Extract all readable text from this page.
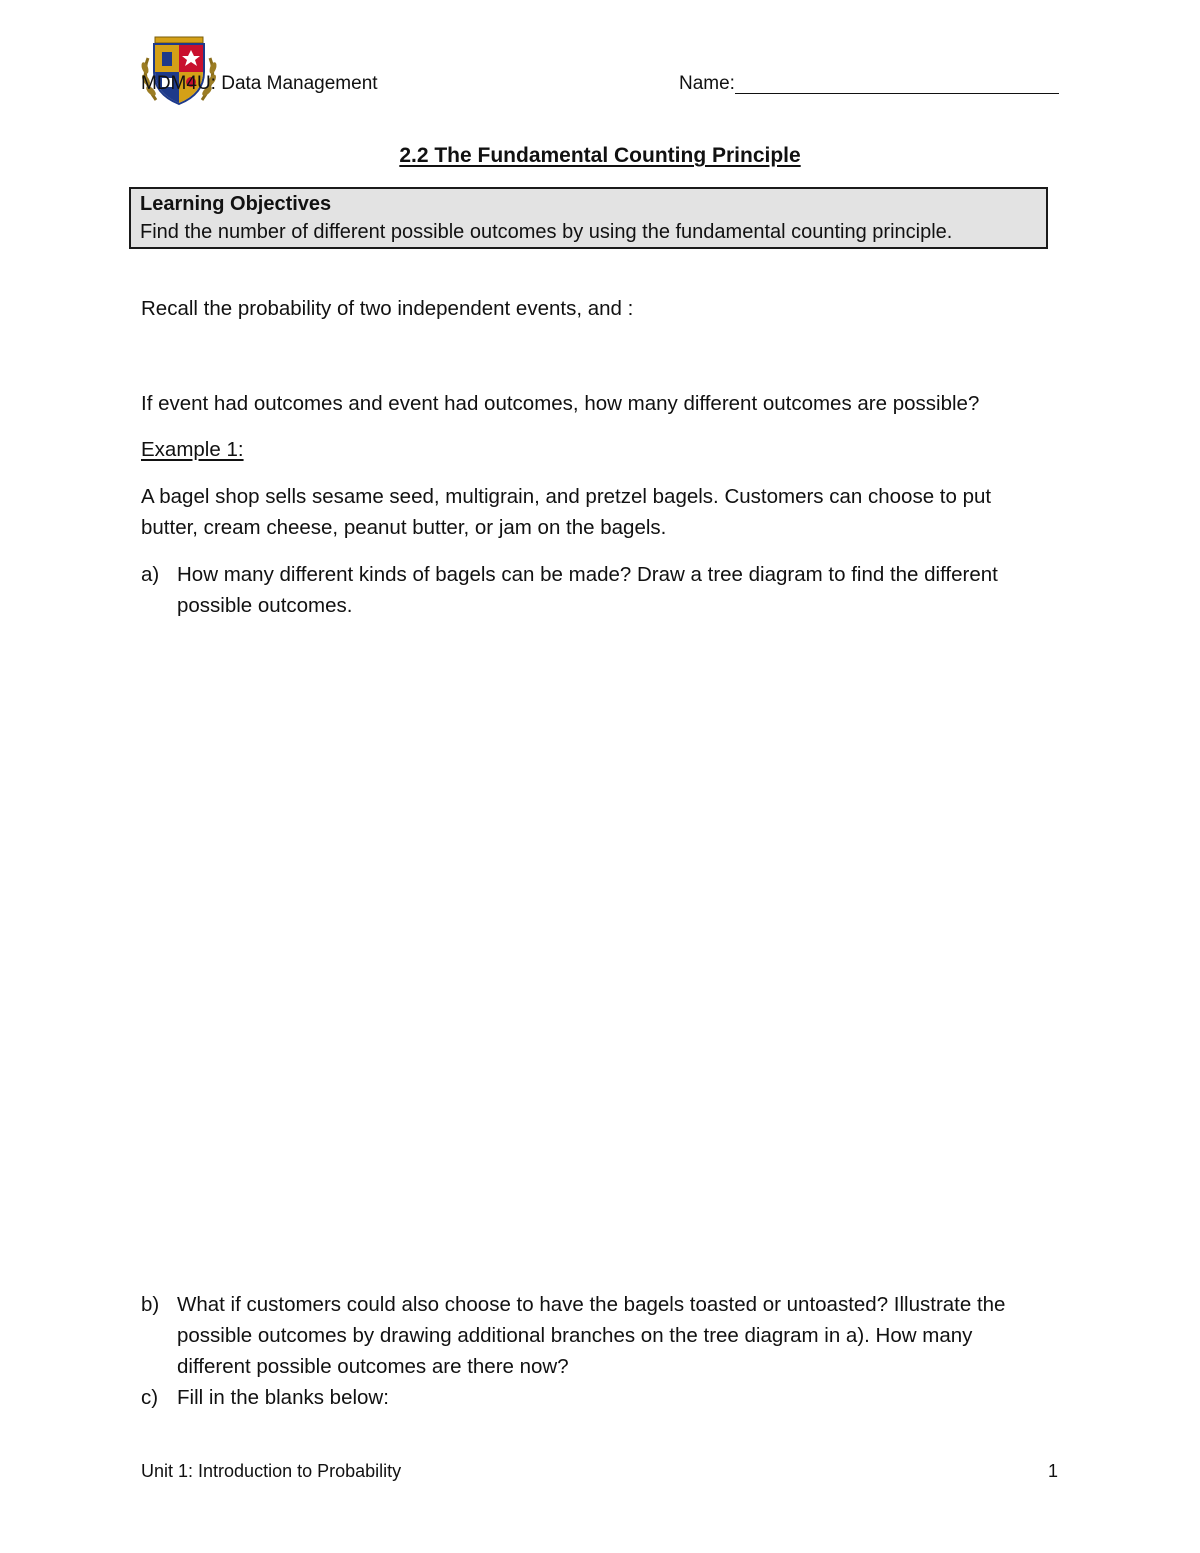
MDM4U: Data Management	Name:
2.2 The Fundamental Counting Principle
Learning Objectives
Find the number of different possible outcomes by using the fundamental counting principle.
Recall the probability of two independent events, and :
If event had outcomes and event had outcomes, how many different outcomes are possible?
Example 1:
A bagel shop sells sesame seed, multigrain, and pretzel bagels. Customers can choose to put
butter, cream cheese, peanut butter, or jam on the bagels.
a) How many different kinds of bagels can be made? Draw a tree diagram to find the different
possible outcomes.
b) What if customers could also choose to have the bagels toasted or untoasted? Illustrate the
possible outcomes by drawing additional branches on the tree diagram in a). How many
different possible outcomes are there now?
c) Fill in the blanks below:
Unit 1: Introduction to Probability	1
